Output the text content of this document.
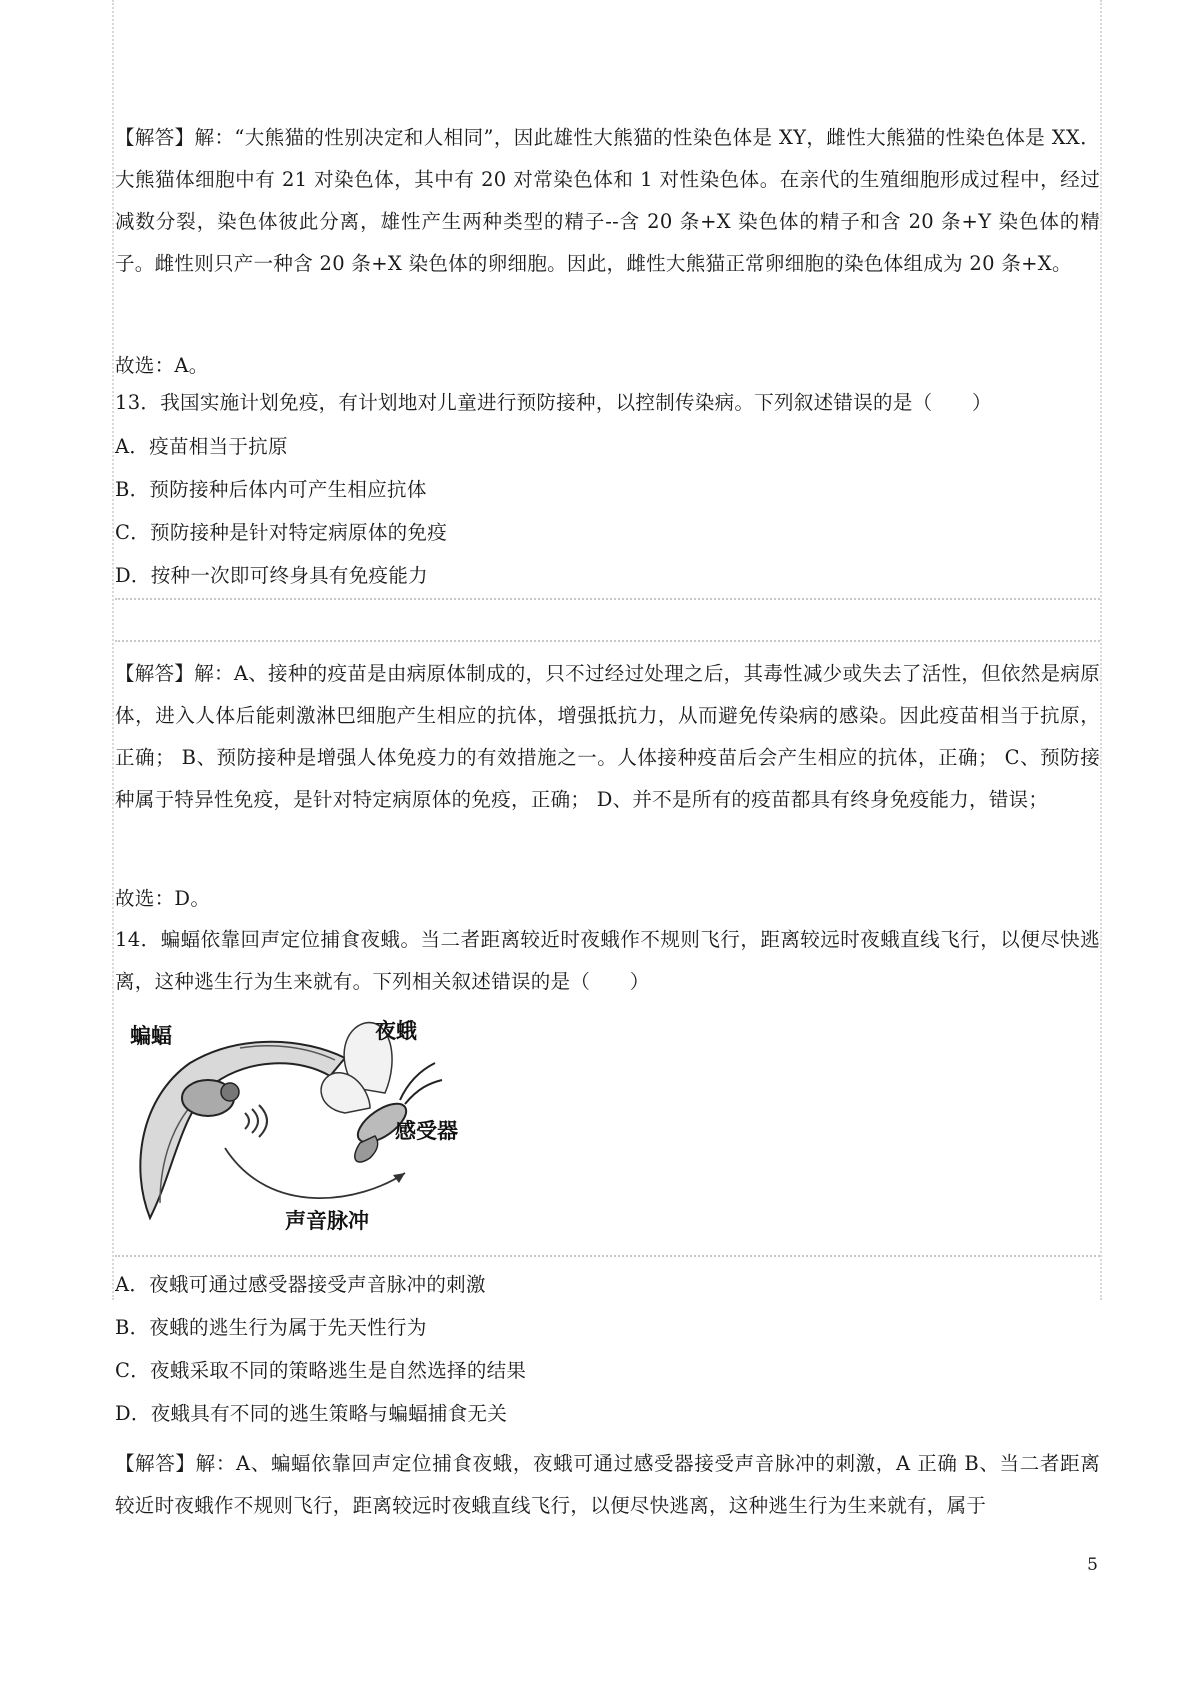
【解答】解：“大熊猫的性别决定和人相同”，因此雄性大熊猫的性染色体是 XY，雌性大熊猫的性染色体是 XX．大熊猫体细胞中有 21 对染色体，其中有 20 对常染色体和 1 对性染色体。在亲代的生殖细胞形成过程中，经过减数分裂，染色体彼此分离，雄性产生两种类型的精子--含 20 条+X 染色体的精子和含 20 条+Y 染色体的精子。雌性则只产一种含 20 条+X 染色体的卵细胞。因此，雌性大熊猫正常卵细胞的染色体组成为 20 条+X。
故选：A。
13．我国实施计划免疫，有计划地对儿童进行预防接种，以控制传染病。下列叙述错误的是（　　）
A．疫苗相当于抗原
B．预防接种后体内可产生相应抗体
C．预防接种是针对特定病原体的免疫
D．按种一次即可终身具有免疫能力
【解答】解：A、接种的疫苗是由病原体制成的，只不过经过处理之后，其毒性减少或失去了活性，但依然是病原体，进入人体后能刺激淋巴细胞产生相应的抗体，增强抵抗力，从而避免传染病的感染。因此疫苗相当于抗原，正确； B、预防接种是增强人体免疫力的有效措施之一。人体接种疫苗后会产生相应的抗体，正确； C、预防接种属于特异性免疫，是针对特定病原体的免疫，正确； D、并不是所有的疫苗都具有终身免疫能力，错误；
故选：D。
14．蝙蝠依靠回声定位捕食夜蛾。当二者距离较近时夜蛾作不规则飞行，距离较远时夜蛾直线飞行，以便尽快逃离，这种逃生行为生来就有。下列相关叙述错误的是（　　）
蝙蝠	夜蛾
感受器
声音脉冲
A．夜蛾可通过感受器接受声音脉冲的刺激
B．夜蛾的逃生行为属于先天性行为
C．夜蛾采取不同的策略逃生是自然选择的结果
D．夜蛾具有不同的逃生策略与蝙蝠捕食无关
【解答】解：A、蝙蝠依靠回声定位捕食夜蛾，夜蛾可通过感受器接受声音脉冲的刺激，A 正确 B、当二者距离较近时夜蛾作不规则飞行，距离较远时夜蛾直线飞行，以便尽快逃离，这种逃生行为生来就有，属于
5
